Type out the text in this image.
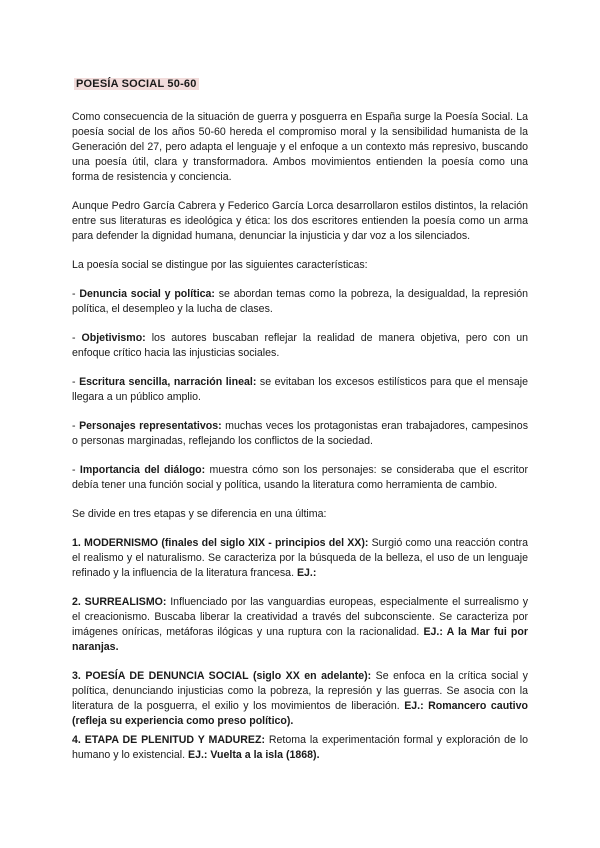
POESÍA SOCIAL 50-60

Como consecuencia de la situación de guerra y posguerra en España surge la Poesía Social. La poesía social de los años 50-60 hereda el compromiso moral y la sensibilidad humanista de la Generación del 27, pero adapta el lenguaje y el enfoque a un contexto más represivo, buscando una poesía útil, clara y transformadora. Ambos movimientos entienden la poesía como una forma de resistencia y conciencia.

Aunque Pedro García Cabrera y Federico García Lorca desarrollaron estilos distintos, la relación entre sus literaturas es ideológica y ética: los dos escritores entienden la poesía como un arma para defender la dignidad humana, denunciar la injusticia y dar voz a los silenciados.

La poesía social se distingue por las siguientes características:

- Denuncia social y política: se abordan temas como la pobreza, la desigualdad, la represión política, el desempleo y la lucha de clases.

- Objetivismo: los autores buscaban reflejar la realidad de manera objetiva, pero con un enfoque crítico hacia las injusticias sociales.

- Escritura sencilla, narración lineal: se evitaban los excesos estilísticos para que el mensaje llegara a un público amplio.

- Personajes representativos: muchas veces los protagonistas eran trabajadores, campesinos o personas marginadas, reflejando los conflictos de la sociedad.

- Importancia del diálogo: muestra cómo son los personajes: se consideraba que el escritor debía tener una función social y política, usando la literatura como herramienta de cambio.

Se divide en tres etapas y se diferencia en una última:

1. MODERNISMO (finales del siglo XIX - principios del XX): Surgió como una reacción contra el realismo y el naturalismo. Se caracteriza por la búsqueda de la belleza, el uso de un lenguaje refinado y la influencia de la literatura francesa. EJ.:

2. SURREALISMO: Influenciado por las vanguardias europeas, especialmente el surrealismo y el creacionismo. Buscaba liberar la creatividad a través del subconsciente. Se caracteriza por imágenes oníricas, metáforas ilógicas y una ruptura con la racionalidad. EJ.: A la Mar fui por naranjas.

3. POESÍA DE DENUNCIA SOCIAL (siglo XX en adelante): Se enfoca en la crítica social y política, denunciando injusticias como la pobreza, la represión y las guerras. Se asocia con la literatura de la posguerra, el exilio y los movimientos de liberación. EJ.: Romancero cautivo (refleja su experiencia como preso político).

4. ETAPA DE PLENITUD Y MADUREZ: Retoma la experimentación formal y exploración de lo humano y lo existencial. EJ.: Vuelta a la isla (1868).
